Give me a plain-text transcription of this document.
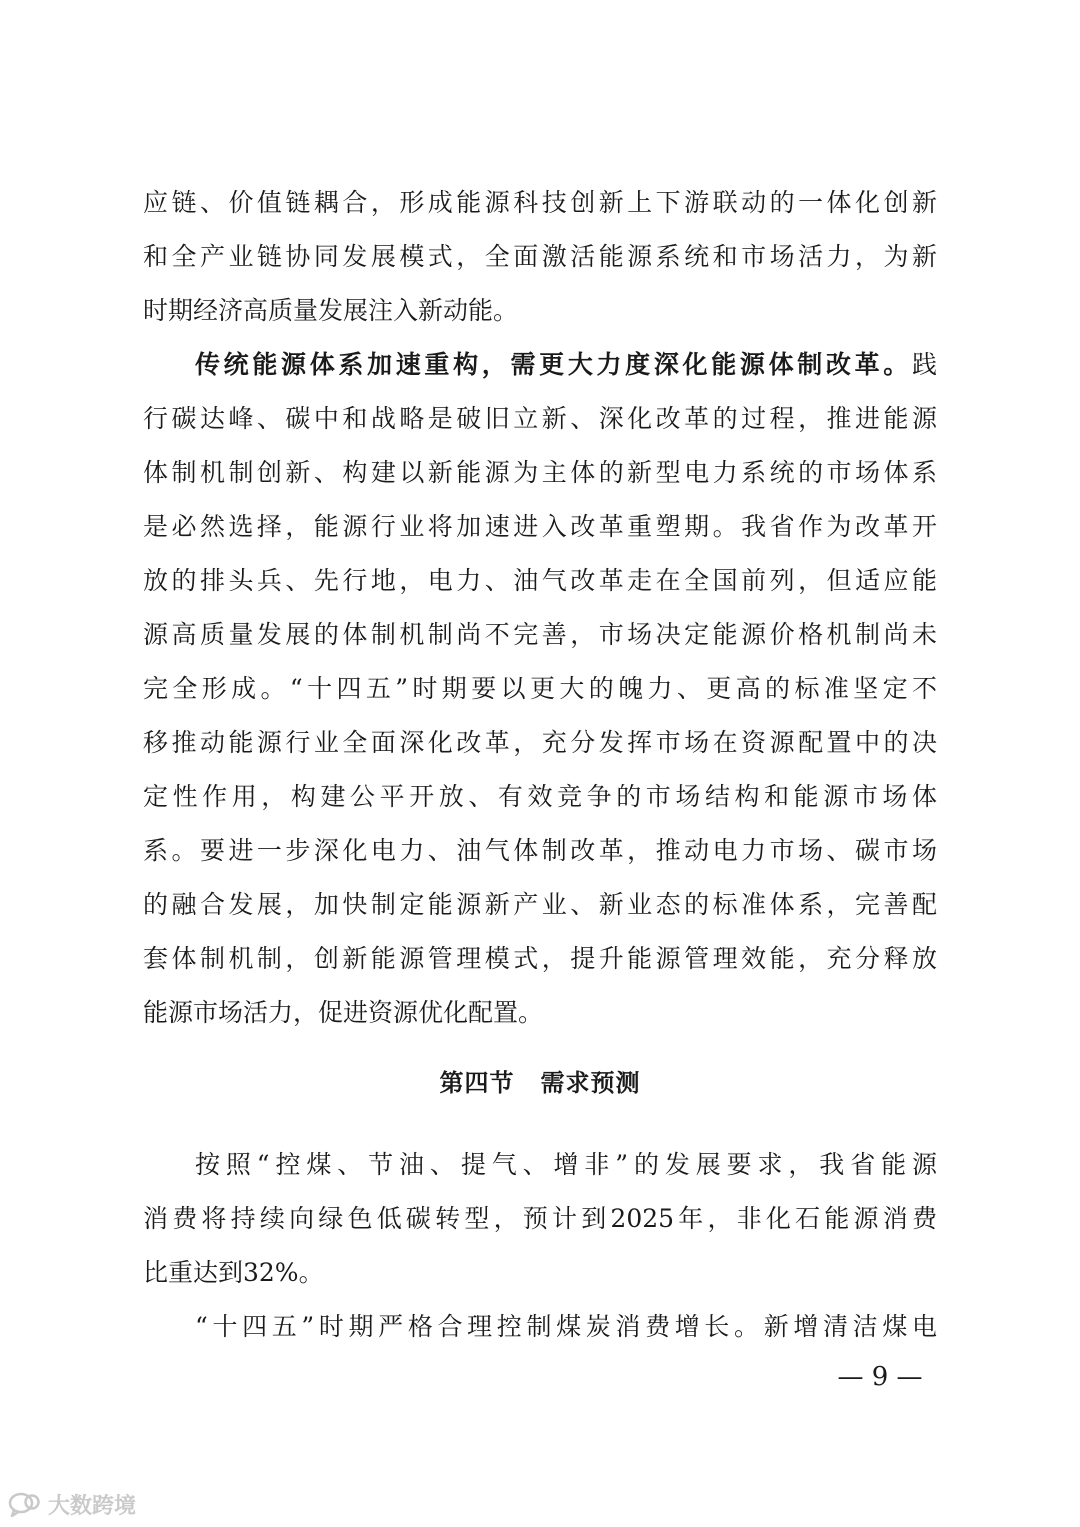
应链、价值链耦合，形成能源科技创新上下游联动的一体化创新
和全产业链协同发展模式，全面激活能源系统和市场活力，为新
时期经济高质量发展注入新动能。
传统能源体系加速重构，需更大力度深化能源体制改革。践
行碳达峰、碳中和战略是破旧立新、深化改革的过程，推进能源
体制机制创新、构建以新能源为主体的新型电力系统的市场体系
是必然选择，能源行业将加速进入改革重塑期。我省作为改革开
放的排头兵、先行地，电力、油气改革走在全国前列，但适应能
源高质量发展的体制机制尚不完善，市场决定能源价格机制尚未
完全形成。“十四五”时期要以更大的魄力、更高的标准坚定不
移推动能源行业全面深化改革，充分发挥市场在资源配置中的决
定性作用，构建公平开放、有效竞争的市场结构和能源市场体
系。要进一步深化电力、油气体制改革，推动电力市场、碳市场
的融合发展，加快制定能源新产业、新业态的标准体系，完善配
套体制机制，创新能源管理模式，提升能源管理效能，充分释放
能源市场活力，促进资源优化配置。
第四节 需求预测
按照“控煤、节油、提气、增非”的发展要求，我省能源
消费将持续向绿色低碳转型，预计到2025年，非化石能源消费
比重达到32%。
“十四五”时期严格合理控制煤炭消费增长。新增清洁煤电
— 9 —
大数跨境
